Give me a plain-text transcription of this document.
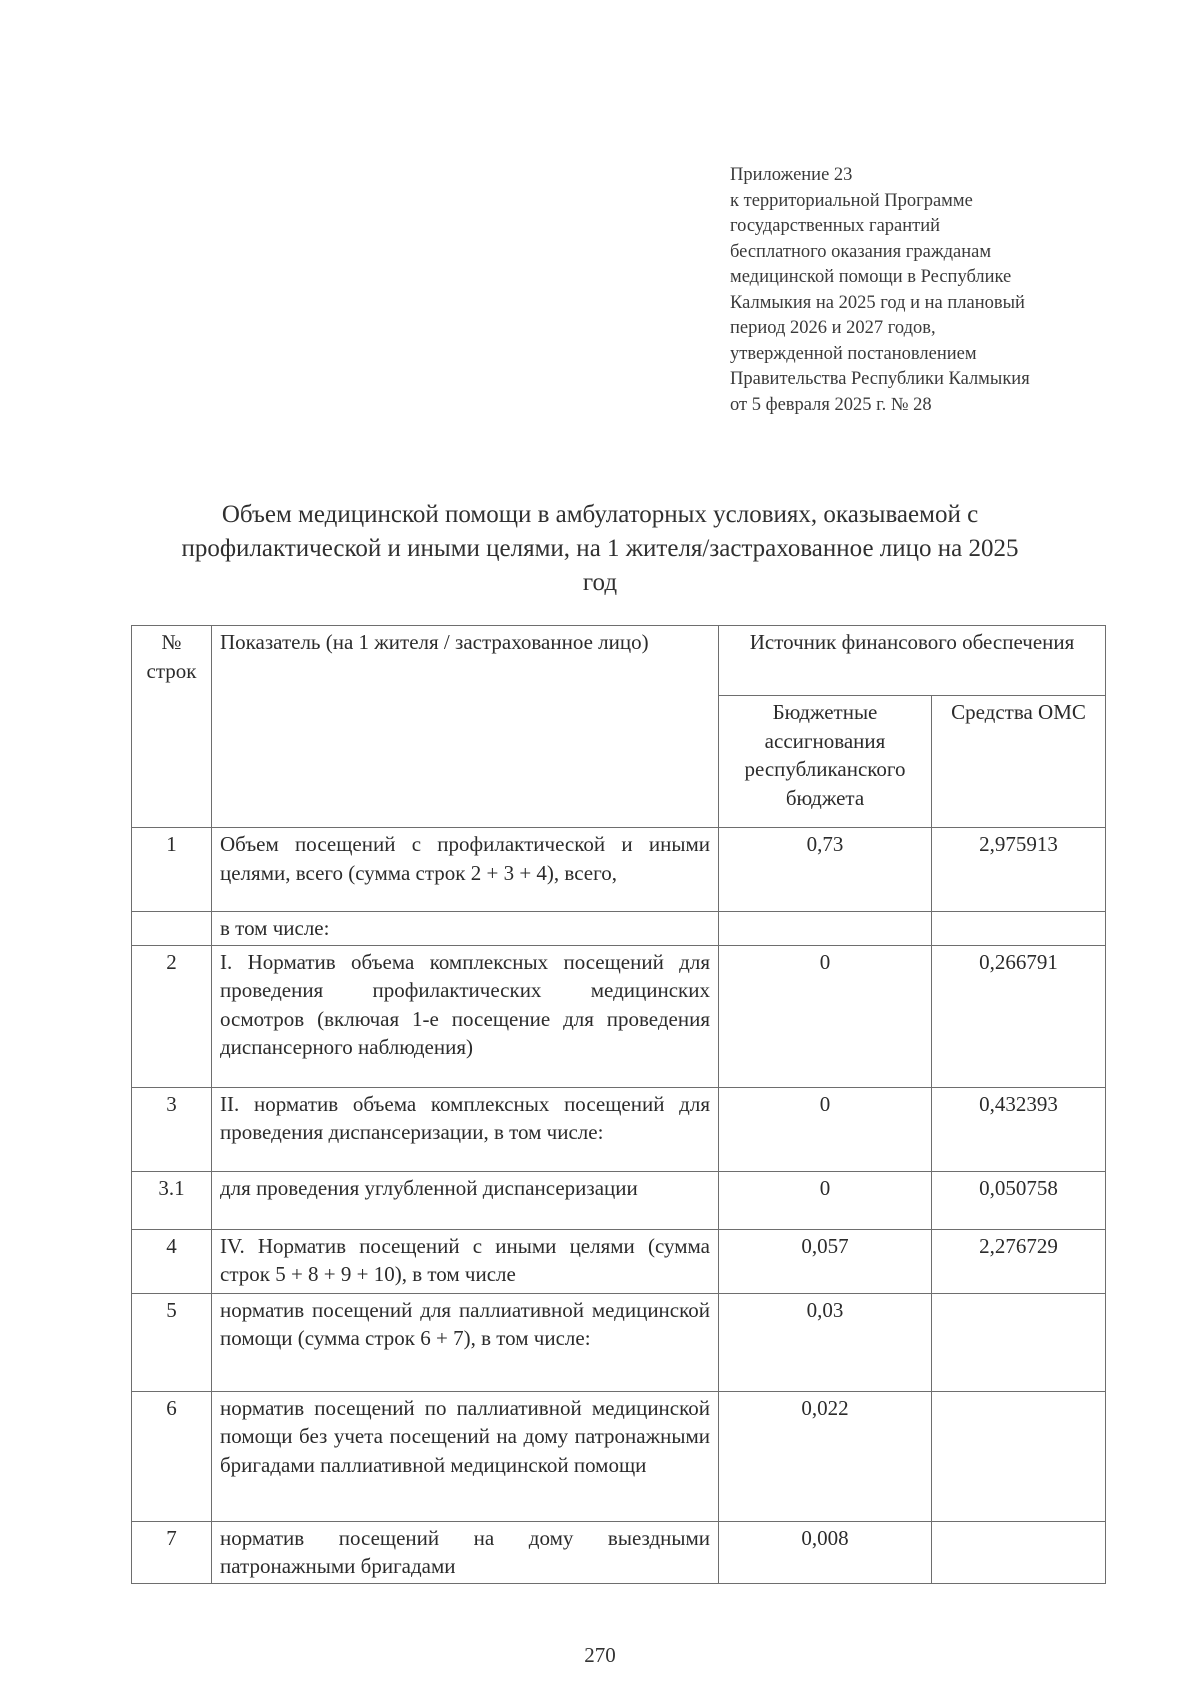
Приложение 23
к территориальной Программе
государственных гарантий
бесплатного оказания гражданам
медицинской помощи в Республике
Калмыкия на 2025 год и на плановый
период 2026 и 2027 годов,
утвержденной постановлением
Правительства Республики Калмыкия
от 5 февраля 2025 г. № 28
Объем медицинской помощи в амбулаторных условиях, оказываемой с
профилактической и иными целями, на 1 жителя/застрахованное лицо на 2025
год
№ строк	Показатель (на 1 жителя / застрахованное лицо)	Источник финансового обеспечения	
		Бюджетные ассигнования республиканского бюджета	Средства ОМС
1	Объем посещений с профилактической и иными целями, всего (сумма строк 2 + 3 + 4), всего,	0,73	2,975913
	в том числе:		
2	I. Норматив объема комплексных посещений для проведения профилактических медицинских осмотров (включая 1-е посещение для проведения диспансерного наблюдения)	0	0,266791
3	II. норматив объема комплексных посещений для проведения диспансеризации, в том числе:	0	0,432393
3.1	для проведения углубленной диспансеризации	0	0,050758
4	IV. Норматив посещений с иными целями (сумма строк 5 + 8 + 9 + 10), в том числе	0,057	2,276729
5	норматив посещений для паллиативной медицинской помощи (сумма строк 6 + 7), в том числе:	0,03	
6	норматив посещений по паллиативной медицинской помощи без учета посещений на дому патронажными бригадами паллиативной медицинской помощи	0,022	
7	норматив посещений на дому выездными патронажными бригадами	0,008	
270
